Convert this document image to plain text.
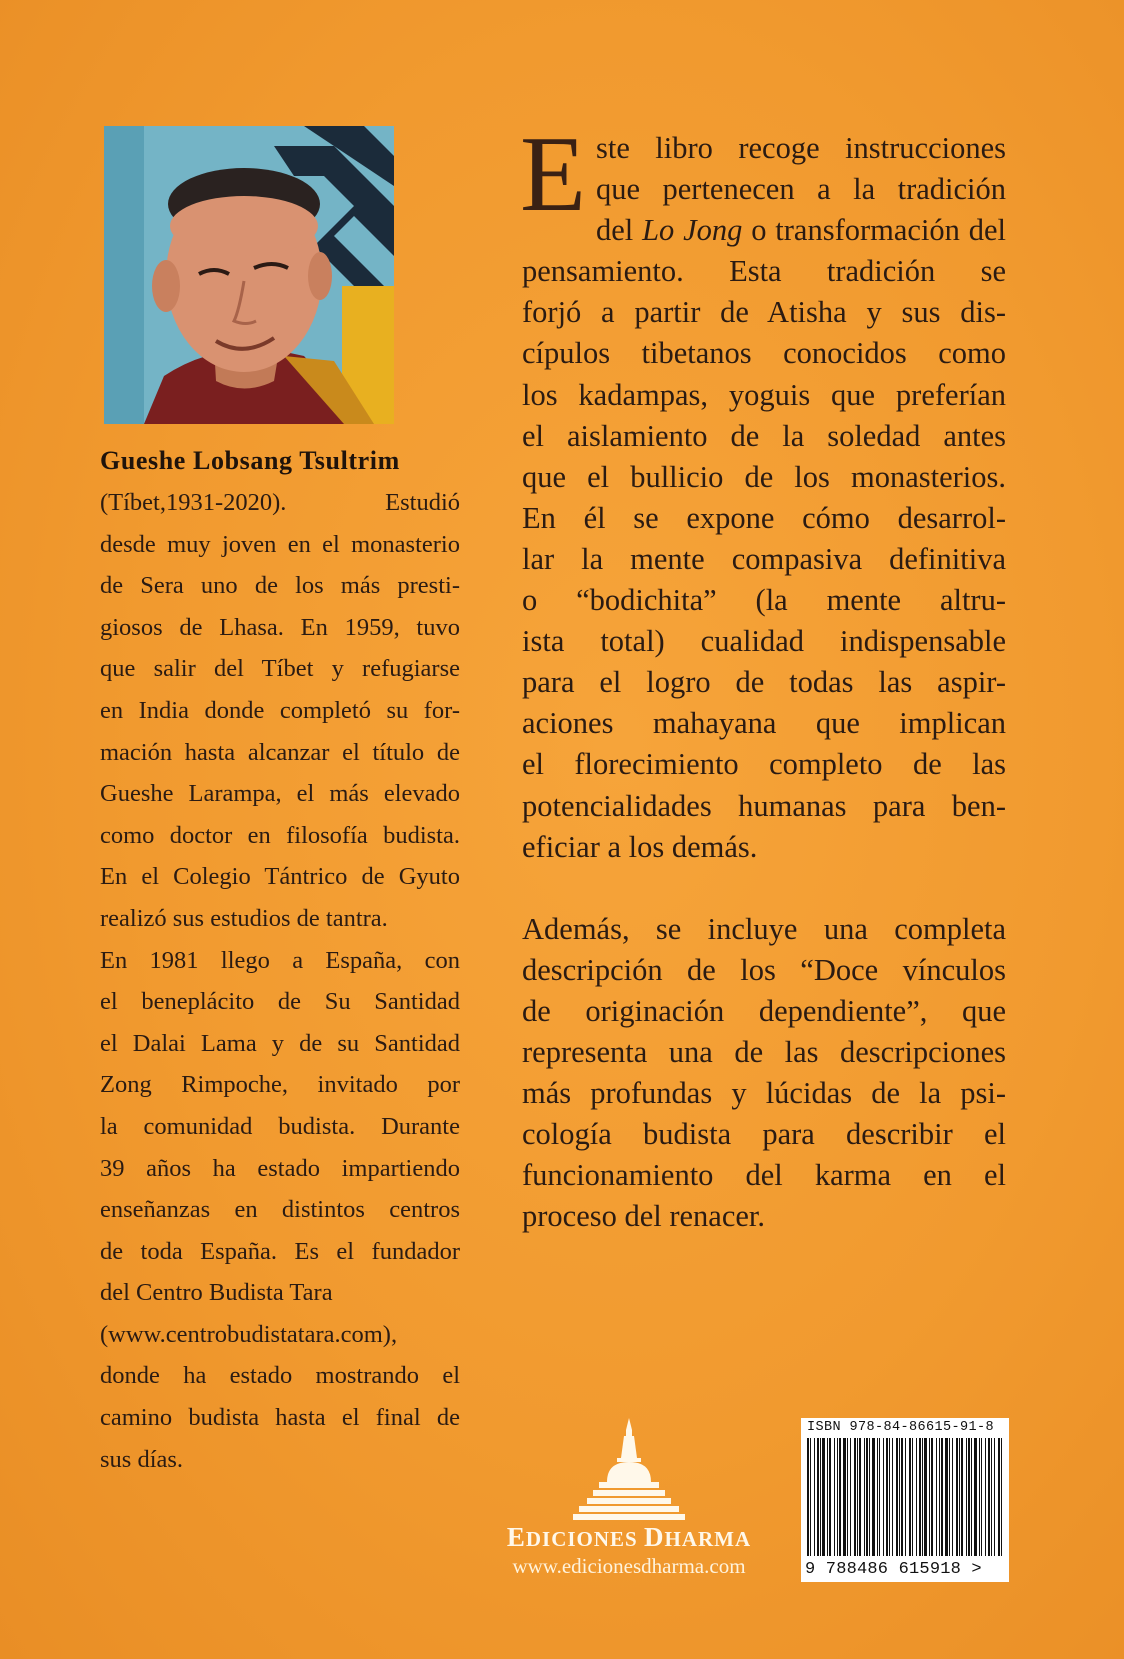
Gueshe Lobsang Tsultrim
(Tíbet,1931-2020). Estudió
desde muy joven en el monasterio
de Sera uno de los más presti-
giosos de Lhasa. En 1959, tuvo
que salir del Tíbet y refugiarse
en India donde completó su for-
mación hasta alcanzar el título de
Gueshe Larampa, el más elevado
como doctor en filosofía budista.
En el Colegio Tántrico de Gyuto
realizó sus estudios de tantra.
En 1981 llego a España, con
el beneplácito de Su Santidad
el Dalai Lama y de su Santidad
Zong Rimpoche, invitado por
la comunidad budista. Durante
39 años ha estado impartiendo
enseñanzas en distintos centros
de toda España. Es el fundador
del Centro Budista Tara
(www.centrobudistatara.com),
donde ha estado mostrando el
camino budista hasta el final de
sus días.
E ste libro recoge instrucciones
que pertenecen a la tradición
del Lo Jong o transformación del
pensamiento. Esta tradición se
forjó a partir de Atisha y sus dis-
cípulos tibetanos conocidos como
los kadampas, yoguis que preferían
el aislamiento de la soledad antes
que el bullicio de los monasterios.
En él se expone cómo desarrol-
lar la mente compasiva definitiva
o “bodichita” (la mente altru-
ista total) cualidad indispensable
para el logro de todas las aspir-
aciones mahayana que implican
el florecimiento completo de las
potencialidades humanas para ben-
eficiar a los demás.
Además, se incluye una completa
descripción de los “Doce vínculos
de originación dependiente”, que
representa una de las descripciones
más profundas y lúcidas de la psi-
cología budista para describir el
funcionamiento del karma en el
proceso del renacer.
EDICIONES DHARMA
www.edicionesdharma.com
ISBN 978-84-86615-91-8
9 788486 615918 >
